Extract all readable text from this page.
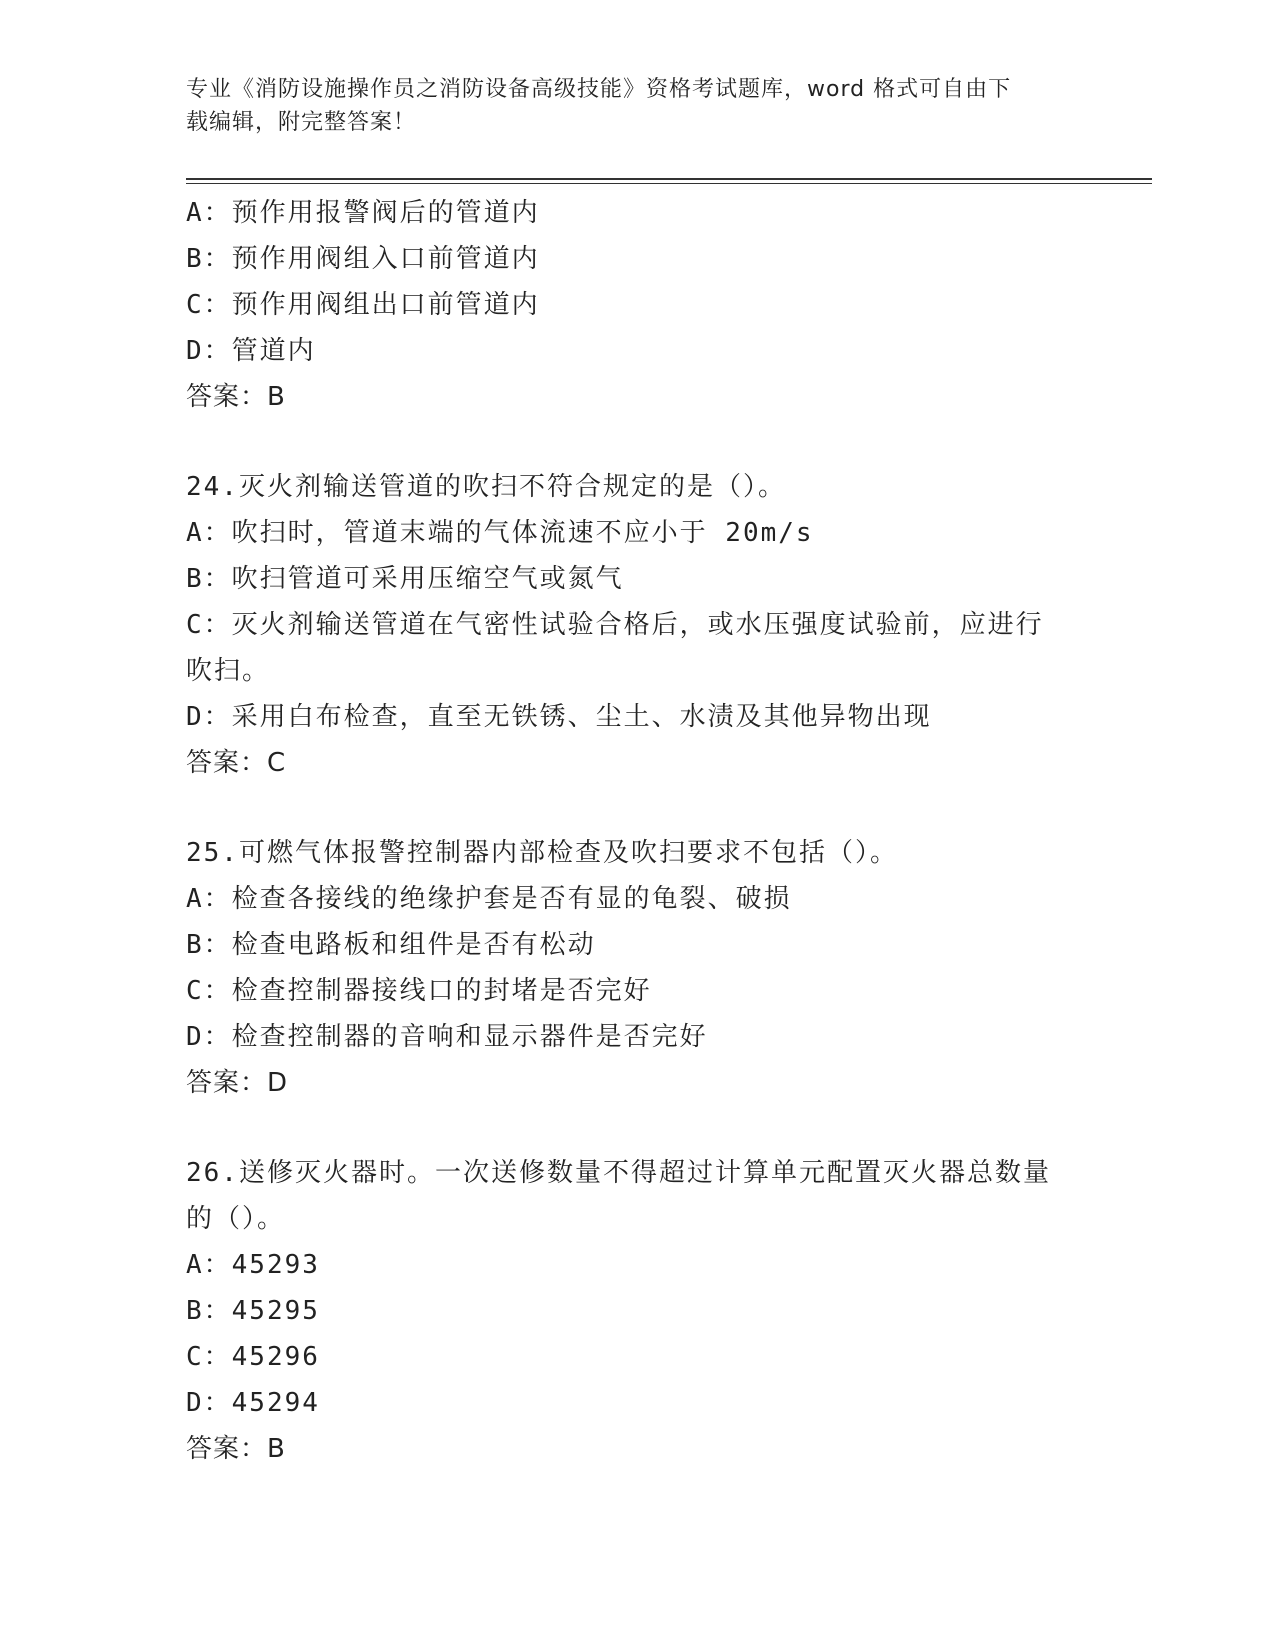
专业《消防设施操作员之消防设备高级技能》资格考试题库，word 格式可自由下
载编辑，附完整答案！
A：预作用报警阀后的管道内
B：预作用阀组入口前管道内
C：预作用阀组出口前管道内
D：管道内
答案：B
24.灭火剂输送管道的吹扫不符合规定的是（）。
A：吹扫时，管道末端的气体流速不应小于 20m/s
B：吹扫管道可采用压缩空气或氮气
C：灭火剂输送管道在气密性试验合格后，或水压强度试验前，应进行
吹扫。
D：采用白布检查，直至无铁锈、尘土、水渍及其他异物出现
答案：C
25.可燃气体报警控制器内部检查及吹扫要求不包括（）。
A：检查各接线的绝缘护套是否有显的龟裂、破损
B：检查电路板和组件是否有松动
C：检查控制器接线口的封堵是否完好
D：检查控制器的音响和显示器件是否完好
答案：D
26.送修灭火器时。一次送修数量不得超过计算单元配置灭火器总数量
的（）。
A：45293
B：45295
C：45296
D：45294
答案：B
